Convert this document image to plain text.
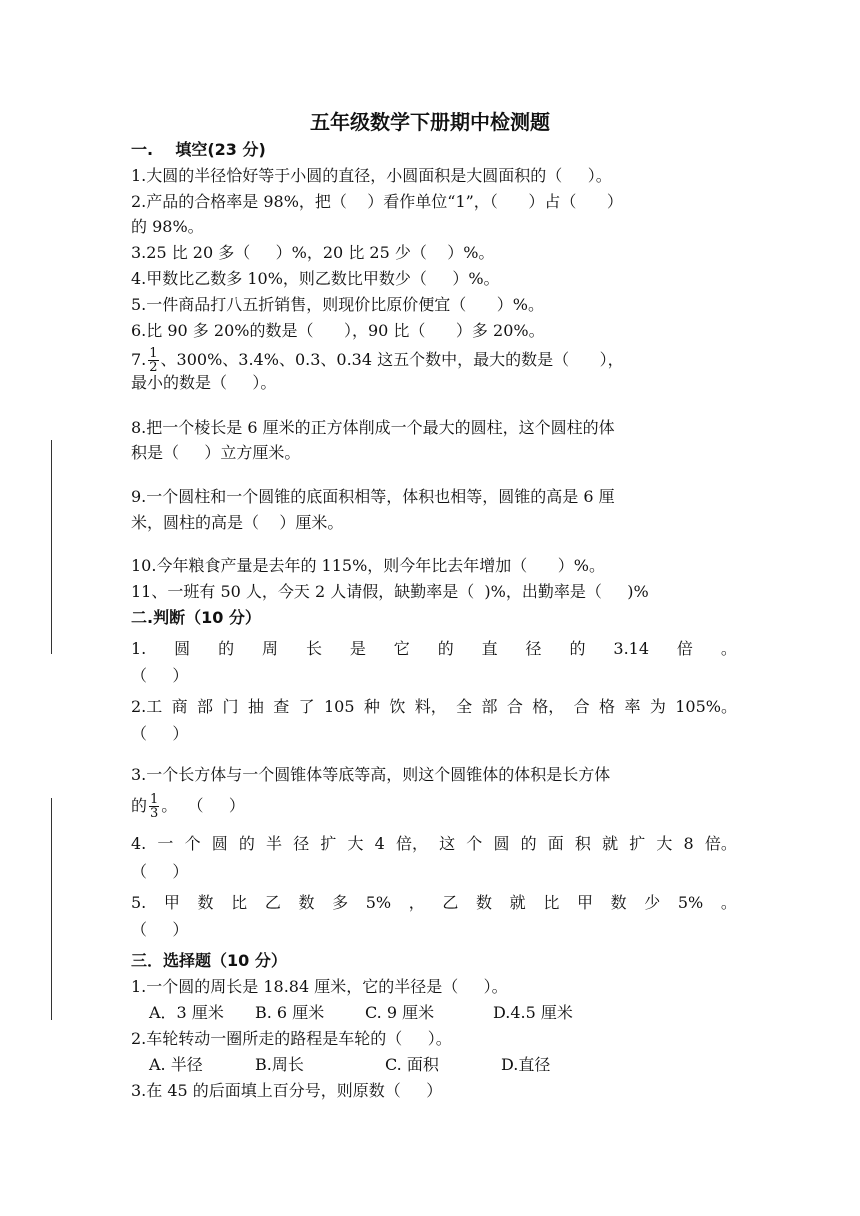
五年级数学下册期中检测题
一.    填空(23 分)
1.大圆的半径恰好等于小圆的直径，小圆面积是大圆面积的（     ）。
2.产品的合格率是 98%，把（    ）看作单位“1”，（      ）占（      ）
的 98%。
3.25 比 20 多（     ）%，20 比 25 少（    ）%。
4.甲数比乙数多 10%，则乙数比甲数少（     ）%。
5.一件商品打八五折销售，则现价比原价便宜（      ）%。
6.比 90 多 20%的数是（      ），90 比（      ）多 20%。
7. $\frac{1}{2}$ 、300%、3.4%、0.3、0.34 这五个数中，最大的数是（      ），
最小的数是（     ）。
8.把一个棱长是 6 厘米的正方体削成一个最大的圆柱，这个圆柱的体
积是（     ）立方厘米。
9.一个圆柱和一个圆锥的底面积相等，体积也相等，圆锥的高是 6 厘
米，圆柱的高是（    ）厘米。
10.今年粮食产量是去年的 115%，则今年比去年增加（      ）%。
11、一班有 50 人，今天 2 人请假，缺勤率是（  )%，出勤率是（     )%
二.判断（10 分）
1. 圆 的 周 长 是 它 的 直 径 的 3.14 倍 。
（     ）
2.工 商 部 门 抽 查 了 105 种 饮 料， 全 部 合 格， 合 格 率 为 105%。
（     ）
3.一个长方体与一个圆锥体等底等高，则这个圆锥体的体积是长方体
的 $\frac{1}{3}$ 。  （     ）
4. 一 个 圆 的 半 径 扩 大 4 倍， 这 个 圆 的 面 积 就 扩 大 8 倍。
（     ）
5. 甲 数 比 乙 数 多 5% ， 乙 数 就 比 甲 数 少 5% 。
（     ）
三．选择题（10 分）
1.一个圆的周长是 18.84 厘米，它的半径是（     ）。
A．3 厘米 B. 6 厘米	C. 9 厘米	D.4.5 厘米
2.车轮转动一圈所走的路程是车轮的（     ）。
A. 半径	B.周长	C. 面积	D.直径
3.在 45 的后面填上百分号，则原数（     ）
